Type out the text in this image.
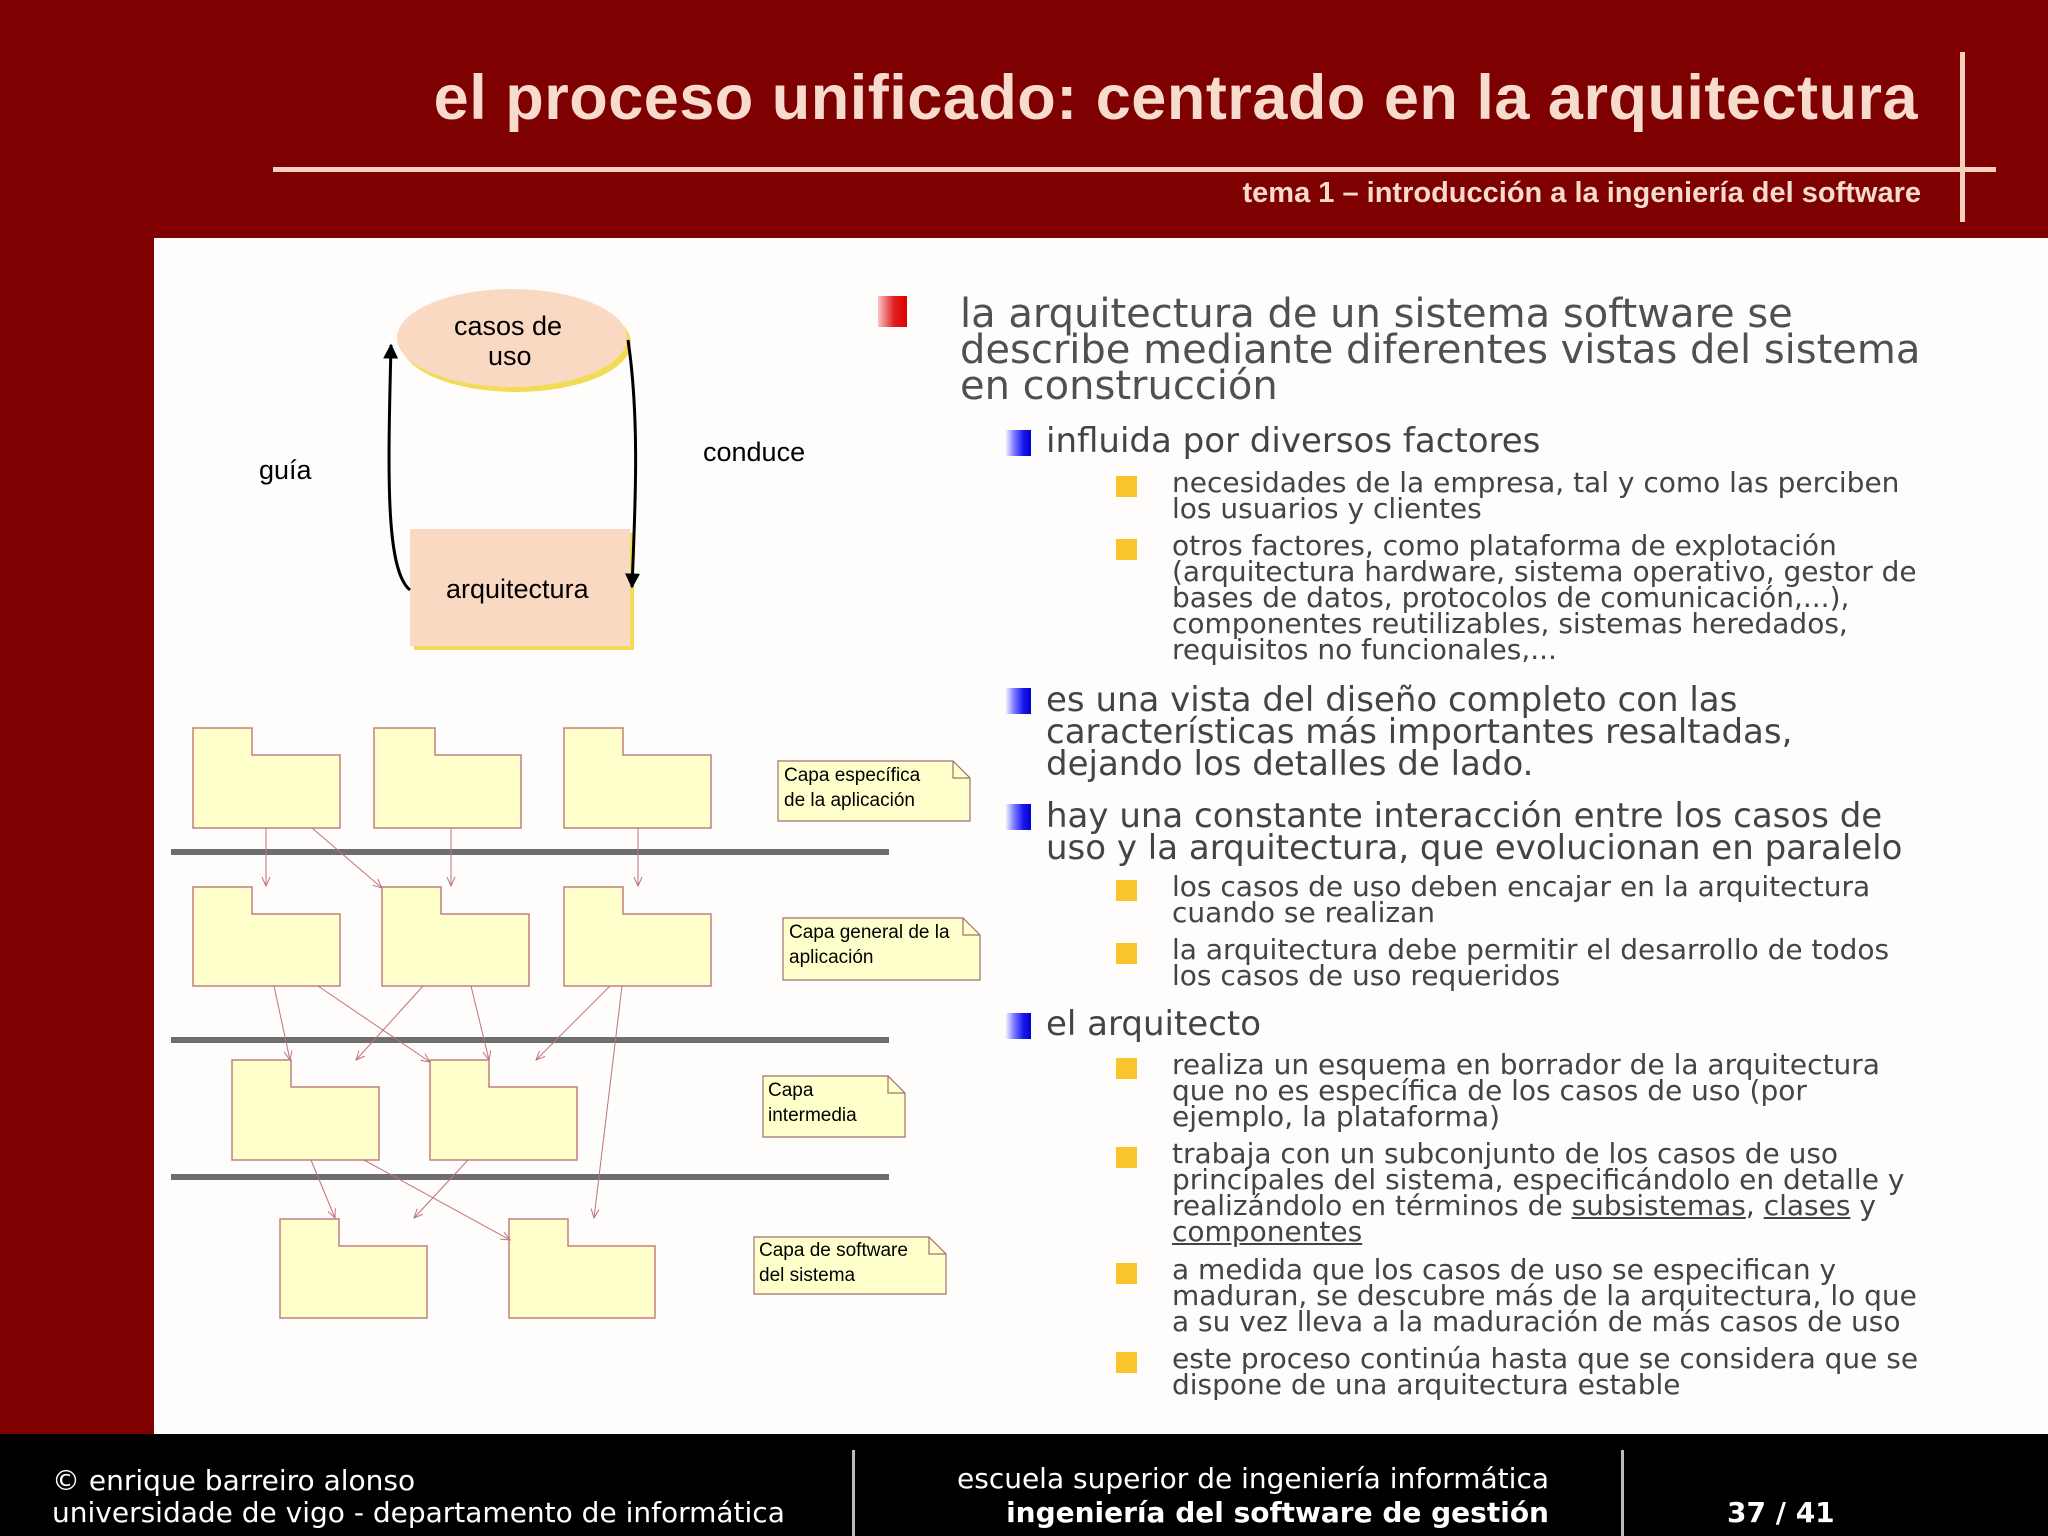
el proceso unificado: centrado en la arquitectura
tema 1 – introducción a la ingeniería del software
casos de
uso
arquitectura
guía
conduce
Capa específica
de la aplicación
Capa general de la
aplicación
Capa
intermedia
Capa de software
del sistema
la arquitectura de un sistema software se describe mediante diferentes vistas del sistema en construcción
influida por diversos factores
necesidades de la empresa, tal y como las perciben
los usuarios y clientes
otros factores, como plataforma de explotación
(arquitectura hardware, sistema operativo, gestor de
bases de datos, protocolos de comunicación,...),
componentes reutilizables, sistemas heredados,
requisitos no funcionales,...
es una vista del diseño completo con las
características más importantes resaltadas,
dejando los detalles de lado.
hay una constante interacción entre los casos de
uso y la arquitectura, que evolucionan en paralelo
los casos de uso deben encajar en la arquitectura
cuando se realizan
la arquitectura debe permitir el desarrollo de todos
los casos de uso requeridos
el arquitecto
realiza un esquema en borrador de la arquitectura
que no es específica de los casos de uso (por
ejemplo, la plataforma)
trabaja con un subconjunto de los casos de uso
principales del sistema, especificándolo en detalle y
realizándolo en términos de subsistemas, clases y
componentes
a medida que los casos de uso se especifican y
maduran, se descubre más de la arquitectura, lo que
a su vez lleva a la maduración de más casos de uso
este proceso continúa hasta que se considera que se
dispone de una arquitectura estable
© enrique barreiro alonso
universidade de vigo - departamento de informática
escuela superior de ingeniería informática
ingeniería del software de gestión	37 / 41
